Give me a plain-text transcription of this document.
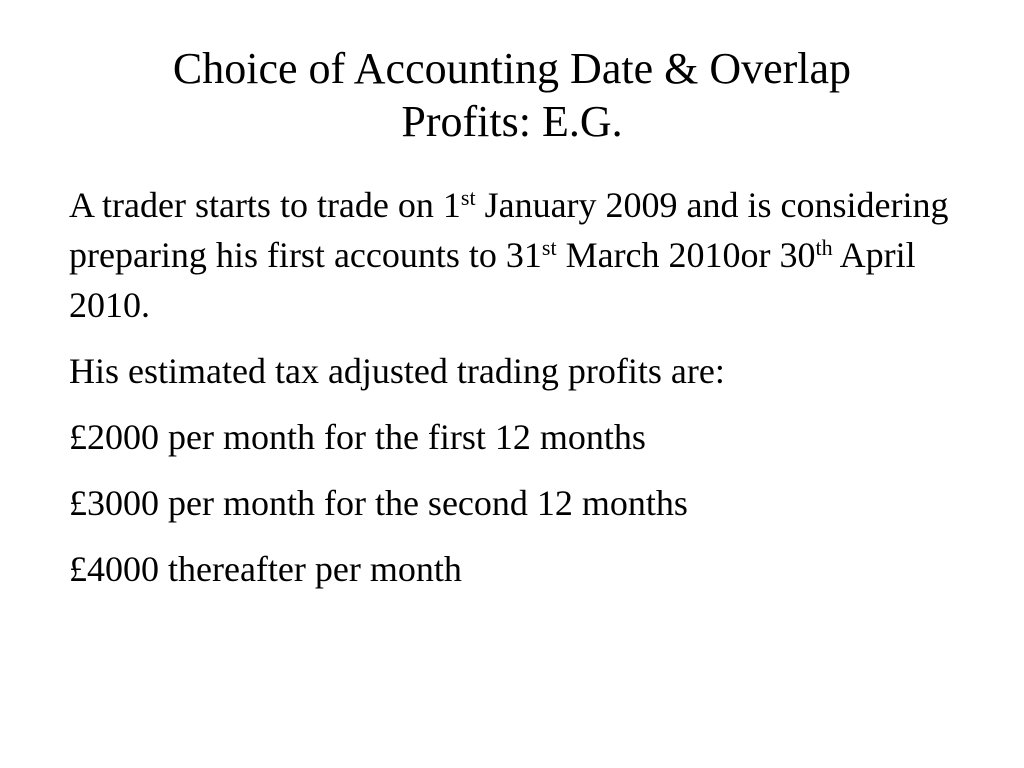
Choice of Accounting Date & Overlap
Profits: E.G.

A trader starts to trade on 1st January 2009 and is considering preparing his first accounts to 31st March 2010or 30th April 2010.

His estimated tax adjusted trading profits are:

£2000 per month for the first 12 months

£3000 per month for the second 12 months

£4000 thereafter per month
